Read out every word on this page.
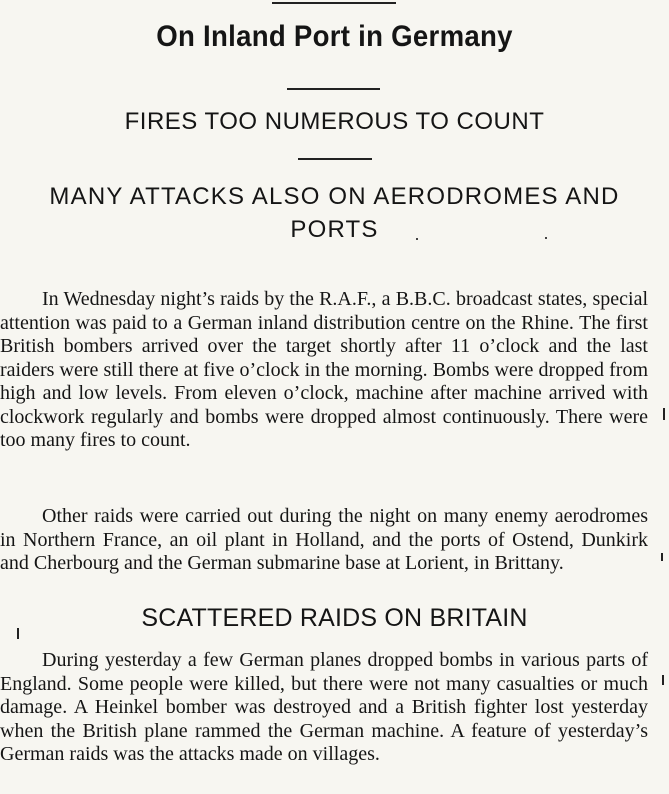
On Inland Port in Germany
FIRES TOO NUMEROUS TO COUNT
MANY ATTACKS ALSO ON AERODROMES AND PORTS

In Wednesday night’s raids by the R.A.F., a B.B.C. broadcast states, special attention was paid to a German inland distribution centre on the Rhine. The first British bombers arrived over the target shortly after 11 o’clock and the last raiders were still there at five o’clock in the morning. Bombs were dropped from high and low levels. From eleven o’clock, machine after machine arrived with clockwork regularly and bombs were dropped almost continuously. There were too many fires to count.

Other raids were carried out during the night on many enemy aerodromes in Northern France, an oil plant in Holland, and the ports of Ostend, Dunkirk and Cherbourg and the German submarine base at Lorient, in Brittany.

SCATTERED RAIDS ON BRITAIN

During yesterday a few German planes dropped bombs in various parts of England. Some people were killed, but there were not many casualties or much damage. A Heinkel bomber was destroyed and a British fighter lost yesterday when the British plane rammed the German machine. A feature of yesterday’s German raids was the attacks made on villages.
